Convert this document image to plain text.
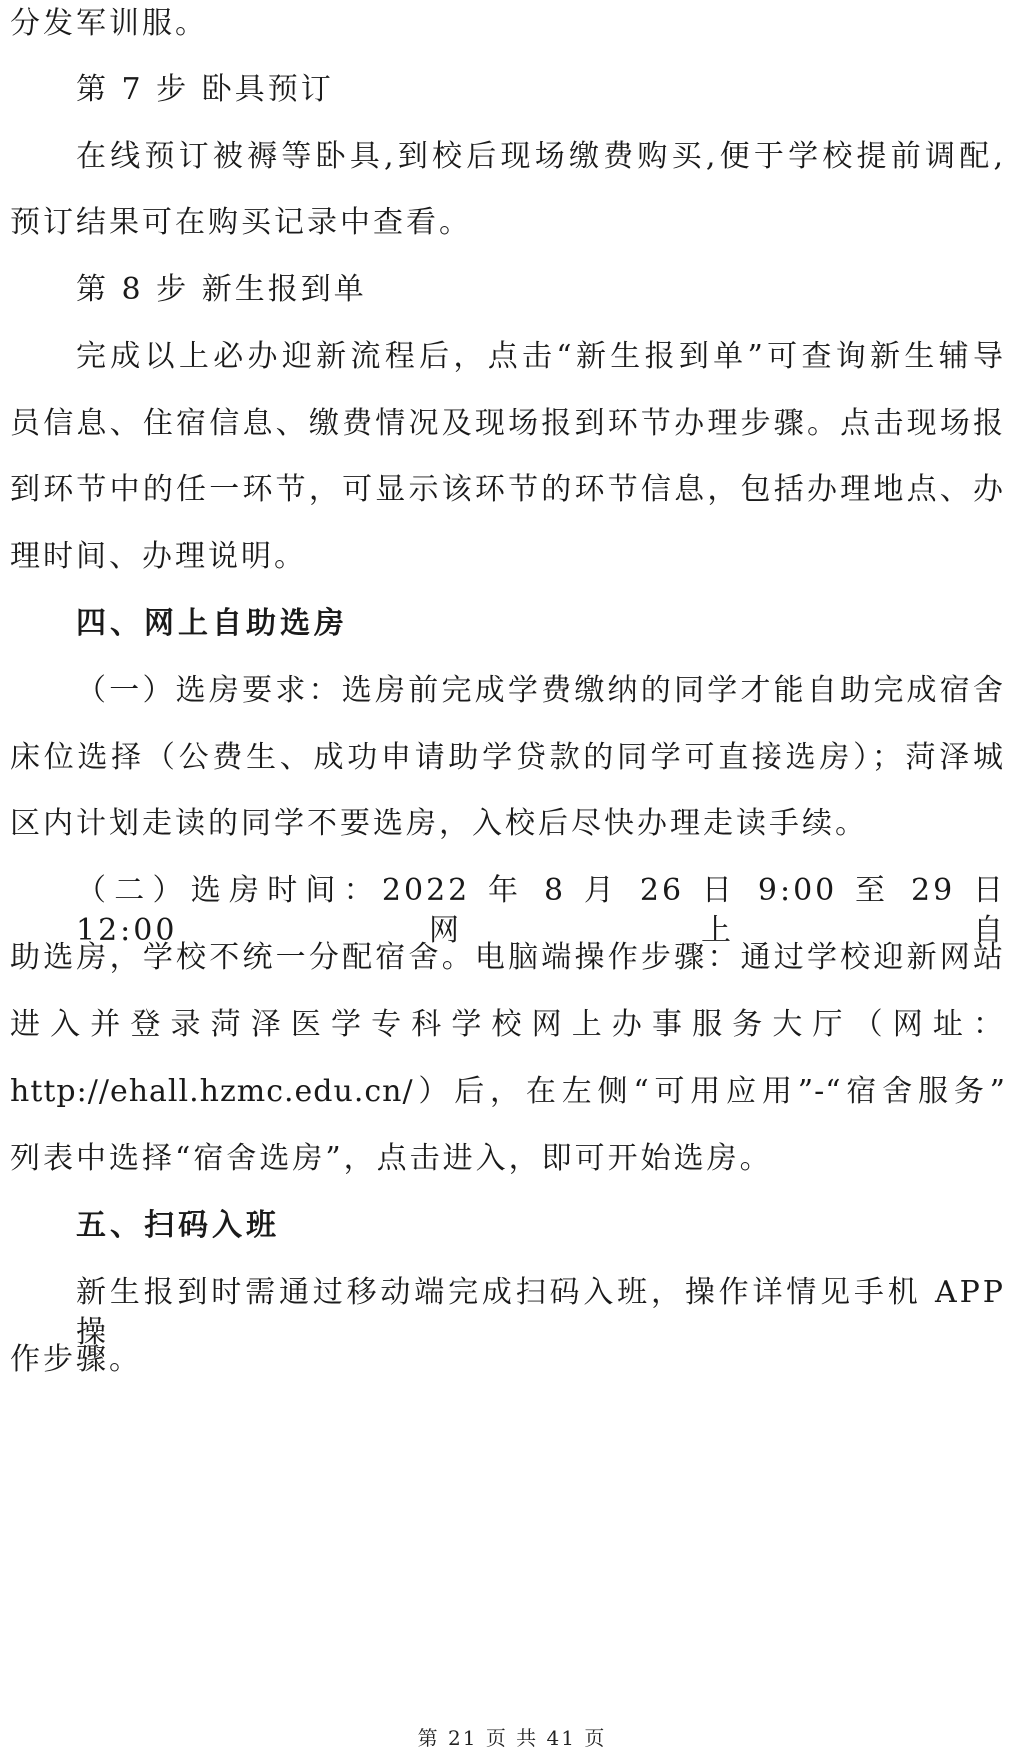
分发军训服。
第 7 步 卧具预订
在线预订被褥等卧具,到校后现场缴费购买,便于学校提前调配,
预订结果可在购买记录中查看。
第 8 步 新生报到单
完成以上必办迎新流程后，点击“新生报到单”可查询新生辅导
员信息、住宿信息、缴费情况及现场报到环节办理步骤。点击现场报
到环节中的任一环节，可显示该环节的环节信息，包括办理地点、办
理时间、办理说明。
四、网上自助选房
（一）选房要求：选房前完成学费缴纳的同学才能自助完成宿舍
床位选择（公费生、成功申请助学贷款的同学可直接选房）；菏泽城
区内计划走读的同学不要选房，入校后尽快办理走读手续。
（二）选房时间：2022 年 8 月 26 日 9:00 至 29 日 12:00 网上自
助选房，学校不统一分配宿舍。电脑端操作步骤：通过学校迎新网站
进入并登录菏泽医学专科学校网上办事服务大厅（网址：
http://ehall.hzmc.edu.cn/）后，在左侧“可用应用”-“宿舍服务”
列表中选择“宿舍选房”，点击进入，即可开始选房。
五、扫码入班
新生报到时需通过移动端完成扫码入班，操作详情见手机 APP 操
作步骤。
第 21 页 共 41 页
